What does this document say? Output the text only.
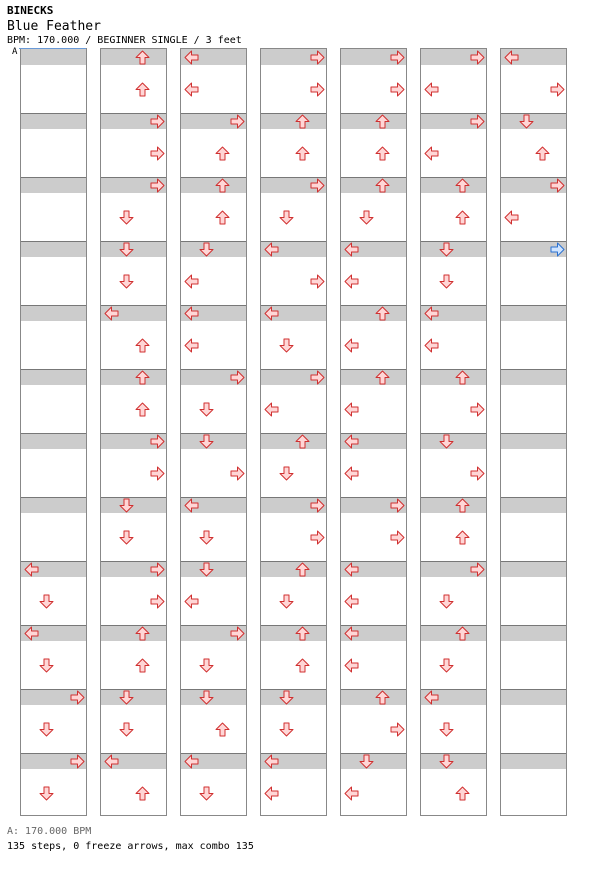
BINECKS
Blue Feather
BPM: 170.000 / BEGINNER SINGLE / 3 feet
A
A: 170.000 BPM
135 steps, 0 freeze arrows, max combo 135
